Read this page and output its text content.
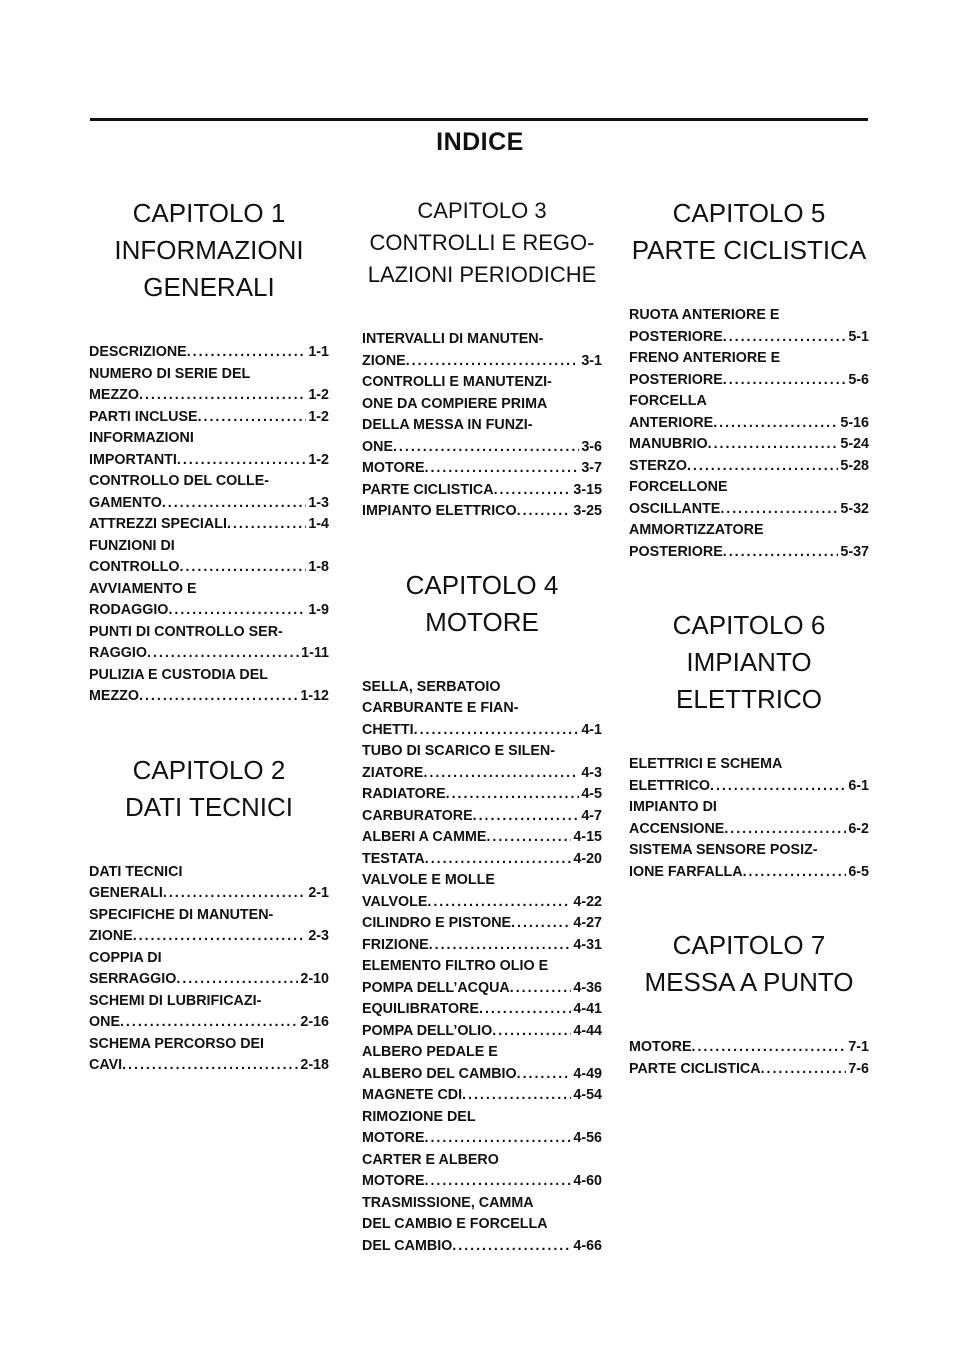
INDICE
CAPITOLO 1
INFORMAZIONI
GENERALI
DESCRIZIONE . . .	1-1
NUMERO DI SERIE DEL
MEZZO . . .	1-2
PARTI INCLUSE . . .	1-2
INFORMAZIONI
IMPORTANTI . . .	1-2
CONTROLLO DEL COLLE-
GAMENTO . . .	1-3
ATTREZZI SPECIALI . . .	1-4
FUNZIONI DI
CONTROLLO . . .	1-8
AVVIAMENTO E
RODAGGIO . . .	1-9
PUNTI DI CONTROLLO SER-
RAGGIO . . .	1-11
PULIZIA E CUSTODIA DEL
MEZZO . . .	1-12
CAPITOLO 2
DATI TECNICI
DATI TECNICI
GENERALI . . .	2-1
SPECIFICHE DI MANUTEN-
ZIONE . . .	2-3
COPPIA DI
SERRAGGIO . . .	2-10
SCHEMI DI LUBRIFICAZI-
ONE . . .	2-16
SCHEMA PERCORSO DEI
CAVI . . .	2-18
CAPITOLO 3
CONTROLLI E REGO-
LAZIONI PERIODICHE
INTERVALLI DI MANUTEN-
ZIONE . . .	3-1
CONTROLLI E MANUTENZI-
ONE DA COMPIERE PRIMA
DELLA MESSA IN FUNZI-
ONE . . .	3-6
MOTORE . . .	3-7
PARTE CICLISTICA . . .	3-15
IMPIANTO ELETTRICO . . .	3-25
CAPITOLO 4
MOTORE
SELLA, SERBATOIO
CARBURANTE E FIAN-
CHETTI . . .	4-1
TUBO DI SCARICO E SILEN-
ZIATORE . . .	4-3
RADIATORE . . .	4-5
CARBURATORE . . .	4-7
ALBERI A CAMME . . .	4-15
TESTATA . . .	4-20
VALVOLE E MOLLE
VALVOLE . . .	4-22
CILINDRO E PISTONE . . .	4-27
FRIZIONE . . .	4-31
ELEMENTO FILTRO OLIO E
POMPA DELL’ACQUA . . .	4-36
EQUILIBRATORE . . .	4-41
POMPA DELL’OLIO . . .	4-44
ALBERO PEDALE E
ALBERO DEL CAMBIO . . .	4-49
MAGNETE CDI . . .	4-54
RIMOZIONE DEL
MOTORE . . .	4-56
CARTER E ALBERO
MOTORE . . .	4-60
TRASMISSIONE, CAMMA
DEL CAMBIO E FORCELLA
DEL CAMBIO . . .	4-66
CAPITOLO 5
PARTE CICLISTICA
RUOTA ANTERIORE E
POSTERIORE . . .	5-1
FRENO ANTERIORE E
POSTERIORE . . .	5-6
FORCELLA
ANTERIORE . . .	5-16
MANUBRIO . . .	5-24
STERZO . . .	5-28
FORCELLONE
OSCILLANTE . . .	5-32
AMMORTIZZATORE
POSTERIORE . . .	5-37
CAPITOLO 6
IMPIANTO
ELETTRICO
ELETTRICI E SCHEMA
ELETTRICO . . .	6-1
IMPIANTO DI
ACCENSIONE . . .	6-2
SISTEMA SENSORE POSIZ-
IONE FARFALLA . . .	6-5
CAPITOLO 7
MESSA A PUNTO
MOTORE . . .	7-1
PARTE CICLISTICA . . .	7-6
